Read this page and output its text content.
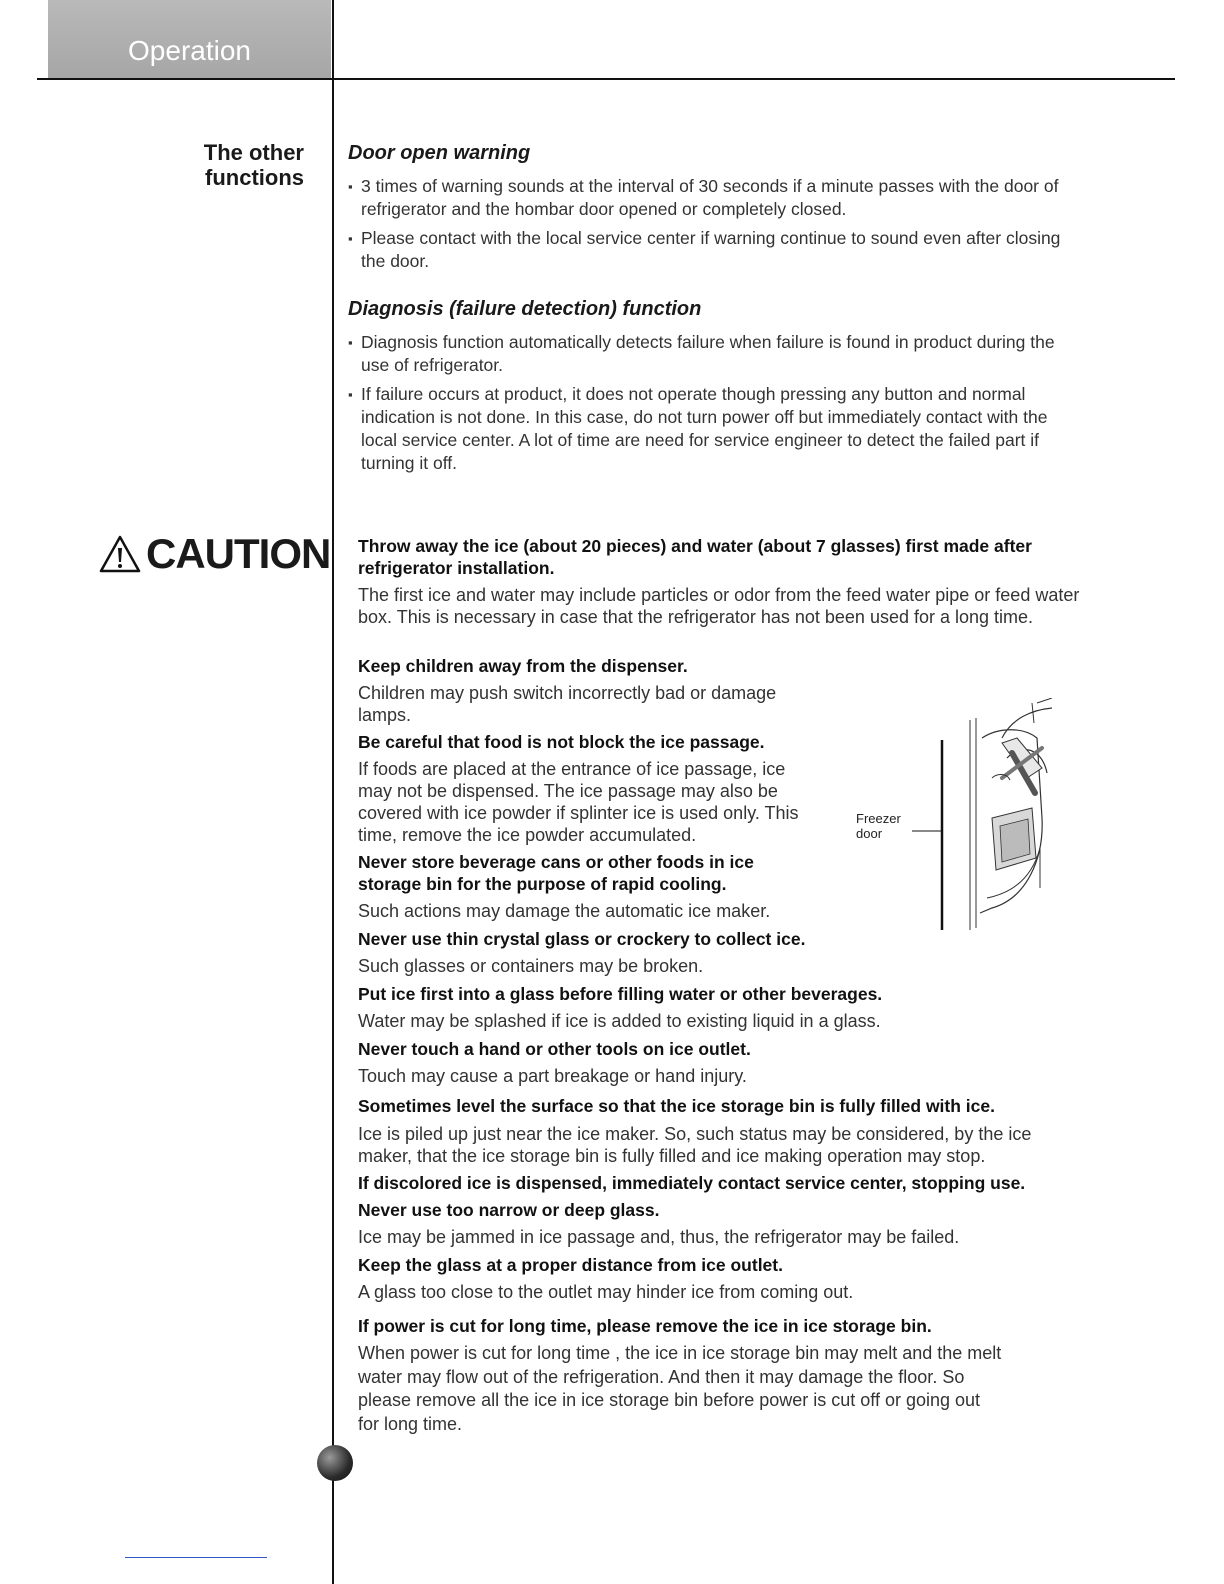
Operation
The other
functions
CAUTION
Door open warning
▪ 3 times of warning sounds at the interval of 30 seconds if a minute passes with the door of refrigerator and the hombar door opened or completely closed.
▪ Please contact with the local service center if warning continue to sound even after closing the door.
Diagnosis (failure detection) function
▪ Diagnosis function automatically detects failure when failure is found in product during the use of refrigerator.
▪ If failure occurs at product, it does not operate though pressing any button and normal indication is not done. In this case, do not turn power off but immediately contact with the local service center. A lot of time are need for service engineer to detect the failed part if turning it off.
Throw away the ice (about 20 pieces) and water (about 7 glasses) first made after refrigerator installation.
The first ice and water may include particles or odor from the feed water pipe or feed water box. This is necessary in case that the refrigerator has not been used for a long time.
Keep children away from the dispenser.
Children may push switch incorrectly bad or damage lamps.
Be careful that food is not block the ice passage.
If foods are placed at the entrance of ice passage, ice may not be dispensed. The ice passage may also be covered with ice powder if splinter ice is used only. This time, remove the ice powder accumulated.
Never store beverage cans or other foods in ice storage bin for the purpose of rapid cooling.
Such actions may damage the automatic ice maker.
Never use thin crystal glass or crockery to collect ice.
Such glasses or containers may be broken.
Put ice first into a glass before filling water or other beverages.
Water may be splashed if ice is added to existing liquid in a glass.
Never touch a hand or other tools on ice outlet.
Touch may cause a part breakage or hand injury.
Sometimes level the surface so that the ice storage bin is fully filled with ice.
Ice is piled up just near the ice maker. So, such status may be considered, by the ice maker, that the ice storage bin is fully filled and ice making operation may stop.
If discolored ice is dispensed, immediately contact service center, stopping use.
Never use too narrow or deep glass.
Ice may be jammed in ice passage and, thus, the refrigerator may be failed.
Keep the glass at a proper distance from ice outlet.
A glass too close to the outlet may hinder ice from coming out.
If power is cut for long time, please remove the ice in ice storage bin.
When power is cut for long time , the ice in ice storage bin may melt and the melt water may flow out of the refrigeration. And then it may damage the floor. So please remove all the ice in ice storage bin before power is cut off or going out for long time.
Freezer
door
